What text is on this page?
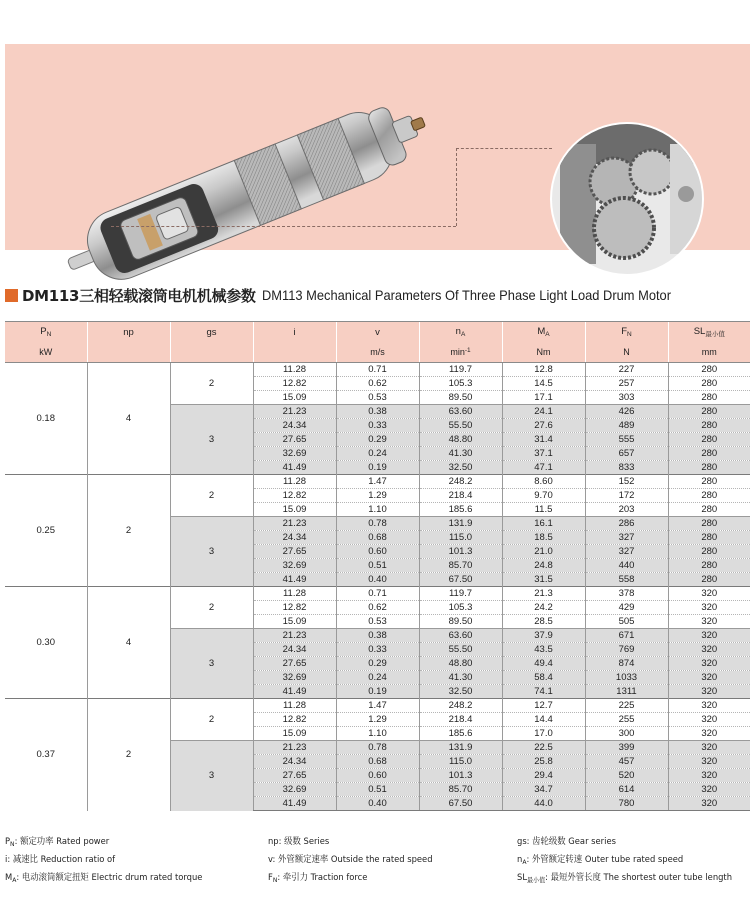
DM113三相轻载滚筒电机机械参数 DM113 Mechanical Parameters Of Three Phase Light Load Drum Motor
$P_N$	np	gs	i	v	$n_A$	$M_A$	$F_N$	$SL_{最小值}$
kW				m/s	$\min^{-1}$	Nm	N	mm
0.18	4	2	11.28	0.71	119.7	12.8	227	280
			12.82	0.62	105.3	14.5	257	280
			15.09	0.53	89.50	17.1	303	280
		3	21.23	0.38	63.60	24.1	426	280
			24.34	0.33	55.50	27.6	489	280
			27.65	0.29	48.80	31.4	555	280
			32.69	0.24	41.30	37.1	657	280
			41.49	0.19	32.50	47.1	833	280
0.25	2	2	11.28	1.47	248.2	8.60	152	280
			12.82	1.29	218.4	9.70	172	280
			15.09	1.10	185.6	11.5	203	280
		3	21.23	0.78	131.9	16.1	286	280
			24.34	0.68	115.0	18.5	327	280
			27.65	0.60	101.3	21.0	327	280
			32.69	0.51	85.70	24.8	440	280
			41.49	0.40	67.50	31.5	558	280
0.30	4	2	11.28	0.71	119.7	21.3	378	320
			12.82	0.62	105.3	24.2	429	320
			15.09	0.53	89.50	28.5	505	320
		3	21.23	0.38	63.60	37.9	671	320
			24.34	0.33	55.50	43.5	769	320
			27.65	0.29	48.80	49.4	874	320
			32.69	0.24	41.30	58.4	1033	320
			41.49	0.19	32.50	74.1	1311	320
0.37	2	2	11.28	1.47	248.2	12.7	225	320
			12.82	1.29	218.4	14.4	255	320
			15.09	1.10	185.6	17.0	300	320
		3	21.23	0.78	131.9	22.5	399	320
			24.34	0.68	115.0	25.8	457	320
			27.65	0.60	101.3	29.4	520	320
			32.69	0.51	85.70	34.7	614	320
			41.49	0.40	67.50	44.0	780	320
$P_N$: 额定功率 Rated power
i: 减速比 Reduction ratio of
$M_A$: 电动滚筒额定扭矩 Electric drum rated torque
np: 级数 Series
v: 外管额定速率 Outside the rated speed
$F_N$: 牵引力 Traction force
gs: 齿轮级数 Gear series
$n_A$: 外管额定转速 Outer tube rated speed
$SL_{最小值}$: 最短外管长度 The shortest outer tube length
